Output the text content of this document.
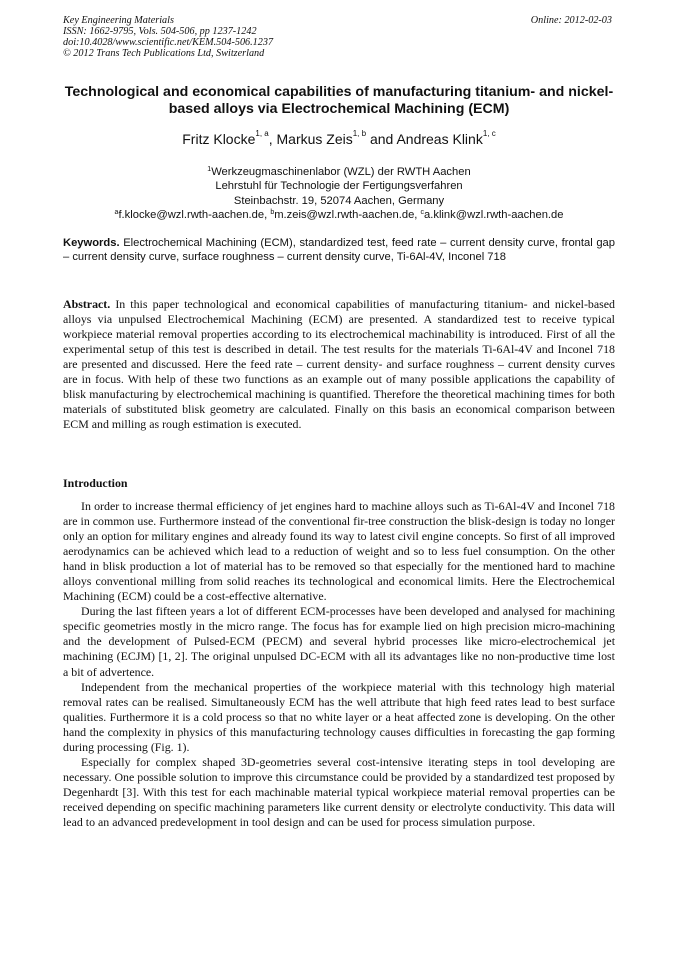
Key Engineering Materials
ISSN: 1662-9795, Vols. 504-506, pp 1237-1242
doi:10.4028/www.scientific.net/KEM.504-506.1237
© 2012 Trans Tech Publications Ltd, Switzerland
Online: 2012-02-03
Technological and economical capabilities of manufacturing titanium- and nickel-based alloys via Electrochemical Machining (ECM)
Fritz Klocke$^{1, a}$, Markus Zeis$^{1, b}$ and Andreas Klink$^{1, c}$
$^1$Werkzeugmaschinenlabor (WZL) der RWTH Aachen
Lehrstuhl für Technologie der Fertigungsverfahren
Steinbachstr. 19, 52074 Aachen, Germany
$^a$f.klocke@wzl.rwth-aachen.de, $^b$m.zeis@wzl.rwth-aachen.de, $^c$a.klink@wzl.rwth-aachen.de
Keywords. Electrochemical Machining (ECM), standardized test, feed rate – current density curve, frontal gap – current density curve, surface roughness – current density curve, Ti-6Al-4V, Inconel 718
Abstract. In this paper technological and economical capabilities of manufacturing titanium- and nickel-based alloys via unpulsed Electrochemical Machining (ECM) are presented. A standardized test to receive typical workpiece material removal properties according to its electrochemical machinability is introduced. First of all the experimental setup of this test is described in detail. The test results for the materials Ti-6Al-4V and Inconel 718 are presented and discussed. Here the feed rate – current density- and surface roughness – current density curves are in focus. With help of these two functions as an example out of many possible applications the capability of blisk manufacturing by electrochemical machining is quantified. Therefore the theoretical machining times for both materials of substituted blisk geometry are calculated. Finally on this basis an economical comparison between ECM and milling as rough estimation is executed.
Introduction

In order to increase thermal efficiency of jet engines hard to machine alloys such as Ti-6Al-4V and Inconel 718 are in common use. Furthermore instead of the conventional fir-tree construction the blisk-design is today no longer only an option for military engines and already found its way to latest civil engine concepts. So first of all improved aerodynamics can be achieved which lead to a reduction of weight and so to less fuel consumption. On the other hand in blisk production a lot of material has to be removed so that especially for the mentioned hard to machine alloys conventional milling from solid reaches its technological and economical limits. Here the Electrochemical Machining (ECM) could be a cost-effective alternative.

During the last fifteen years a lot of different ECM-processes have been developed and analysed for machining specific geometries mostly in the micro range. The focus has for example lied on high precision micro-machining and the development of Pulsed-ECM (PECM) and several hybrid processes like micro-electrochemical jet machining (ECJM) [1, 2]. The original unpulsed DC-ECM with all its advantages like no non-productive time lost a bit of advertence.

Independent from the mechanical properties of the workpiece material with this technology high material removal rates can be realised. Simultaneously ECM has the well attribute that high feed rates lead to best surface qualities. Furthermore it is a cold process so that no white layer or a heat affected zone is developing. On the other hand the complexity in physics of this manufacturing technology causes difficulties in forecasting the gap forming during processing (Fig. 1).

Especially for complex shaped 3D-geometries several cost-intensive iterating steps in tool developing are necessary. One possible solution to improve this circumstance could be provided by a standardized test proposed by Degenhardt [3]. With this test for each machinable material typical workpiece material removal properties can be received depending on specific machining parameters like current density or electrolyte conductivity. This data will lead to an advanced predevelopment in tool design and can be used for process simulation purpose.
